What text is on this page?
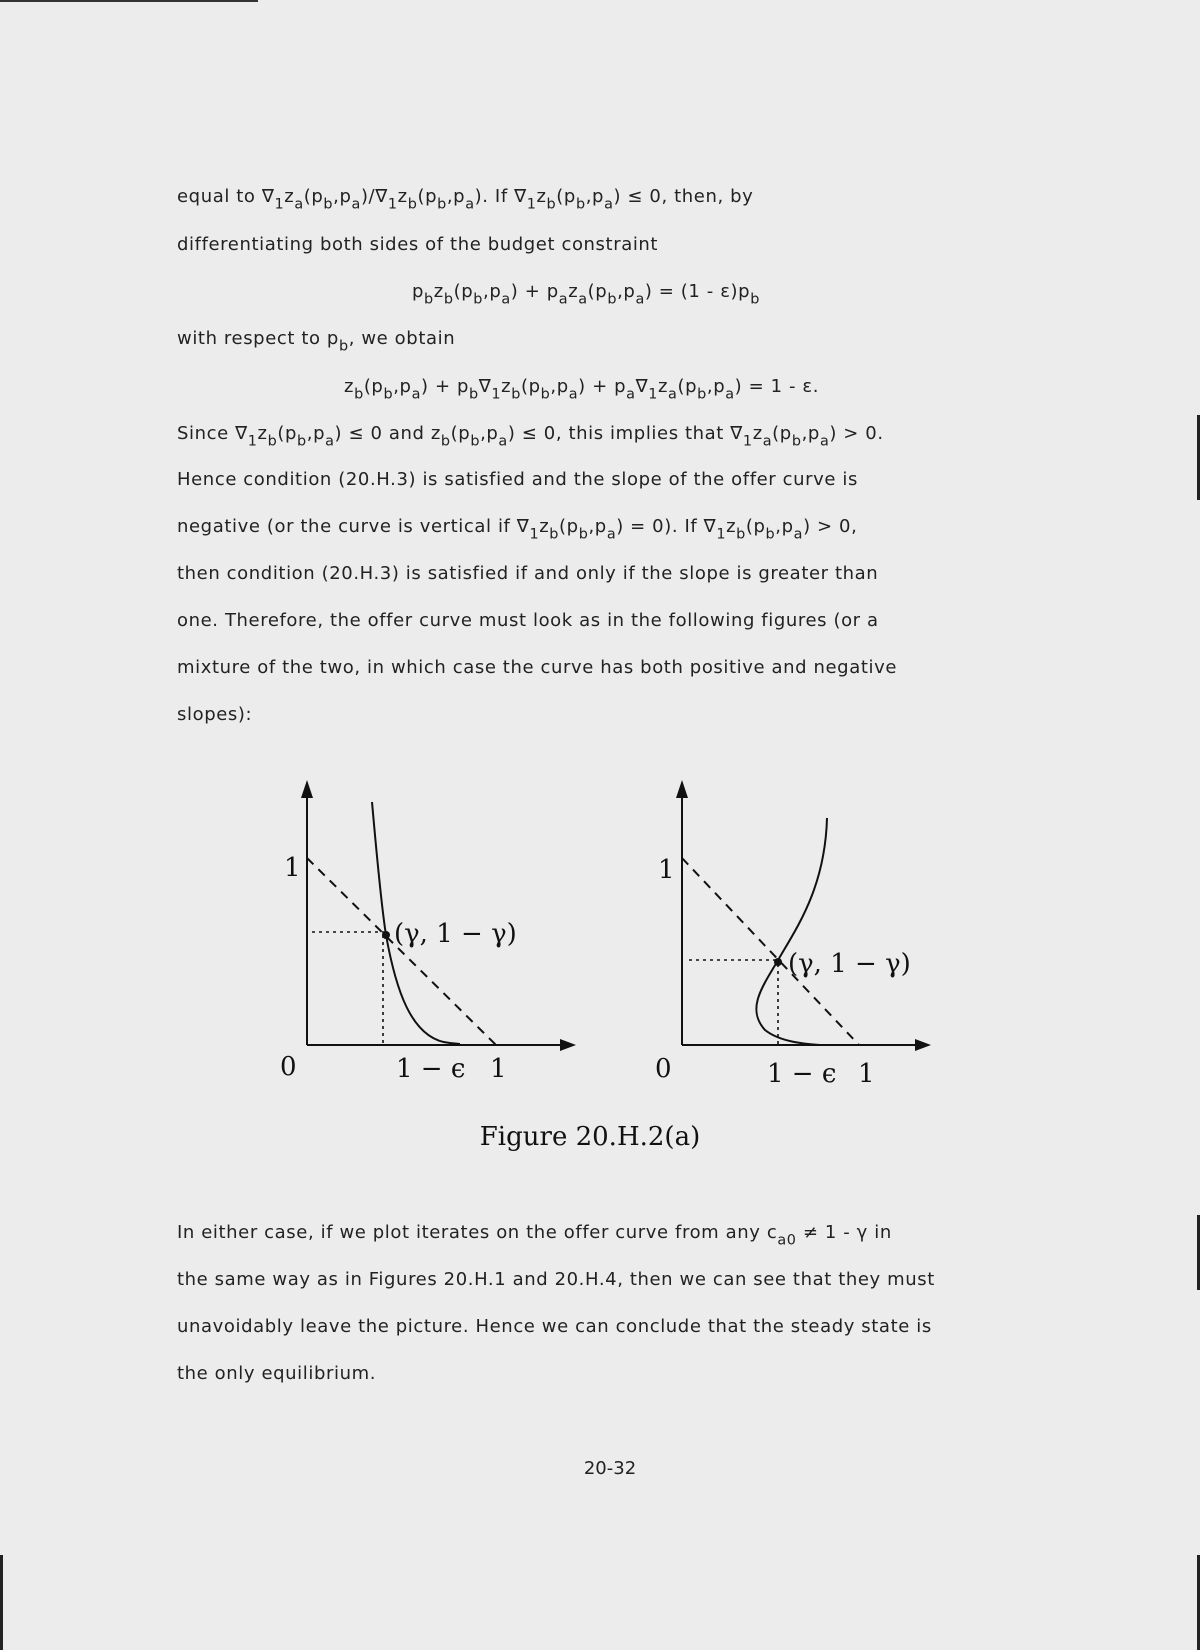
equal to $\nabla_1z_a(p_b,p_a)/\nabla_1z_b(p_b,p_a)$. If $\nabla_1z_b(p_b,p_a) \le 0$, then, by
differentiating both sides of the budget constraint
$p_bz_b(p_b,p_a) + p_az_a(p_b,p_a) = (1 - \varepsilon)p_b$
with respect to $p_b$, we obtain
$z_b(p_b,p_a) + p_b\nabla_1z_b(p_b,p_a) + p_a\nabla_1z_a(p_b,p_a) = 1 - \varepsilon$.
Since $\nabla_1z_b(p_b,p_a) \le 0$ and $z_b(p_b,p_a) \le 0$, this implies that $\nabla_1z_a(p_b,p_a) > 0$.
Hence condition (20.H.3) is satisfied and the slope of the offer curve is
negative (or the curve is vertical if $\nabla_1z_b(p_b,p_a) = 0$). If $\nabla_1z_b(p_b,p_a) > 0$,
then condition (20.H.3) is satisfied if and only if the slope is greater than
one. Therefore, the offer curve must look as in the following figures (or a
mixture of the two, in which case the curve has both positive and negative
slopes):
1
(γ, 1 − γ)
0	1 − ϵ 1
1
(γ, 1 − γ)
0	1 − ϵ 1
Figure 20.H.2(a)
In either case, if we plot iterates on the offer curve from any $c_{a0} \ne 1 - \gamma$ in
the same way as in Figures 20.H.1 and 20.H.4, then we can see that they must
unavoidably leave the picture. Hence we can conclude that the steady state is
the only equilibrium.
20-32
